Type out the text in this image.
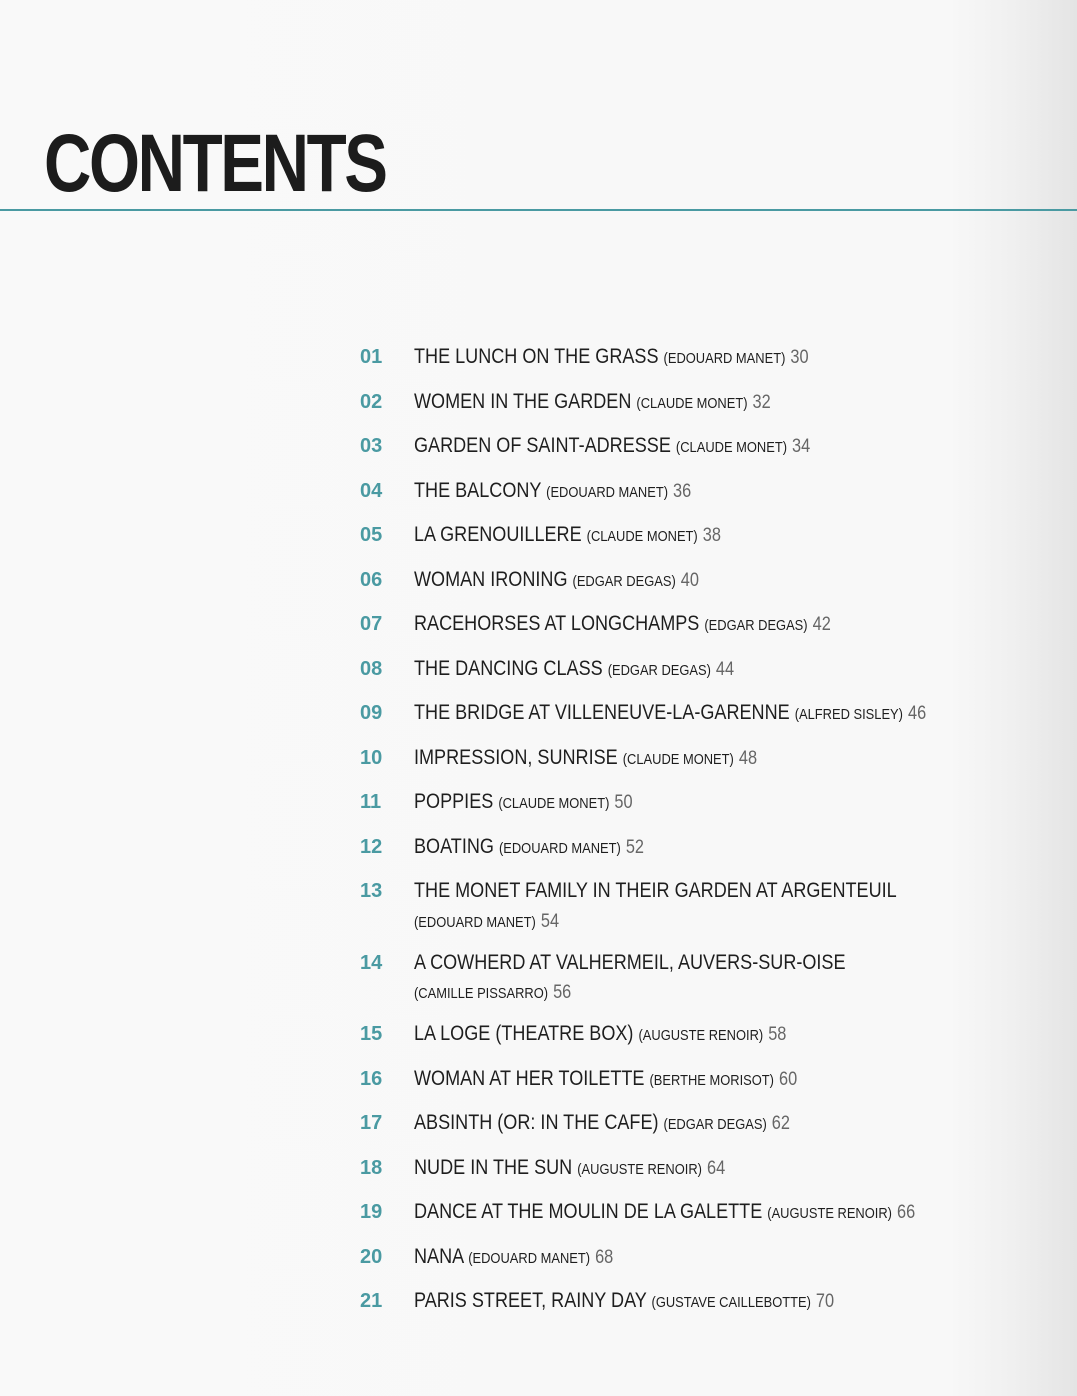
CONTENTS
01	THE LUNCH ON THE GRASS (EDOUARD MANET) 30
02	WOMEN IN THE GARDEN (CLAUDE MONET) 32
03	GARDEN OF SAINT-ADRESSE (CLAUDE MONET) 34
04	THE BALCONY (EDOUARD MANET) 36
05	LA GRENOUILLERE (CLAUDE MONET) 38
06	WOMAN IRONING (EDGAR DEGAS) 40
07	RACEHORSES AT LONGCHAMPS (EDGAR DEGAS) 42
08	THE DANCING CLASS (EDGAR DEGAS) 44
09	THE BRIDGE AT VILLENEUVE-LA-GARENNE (ALFRED SISLEY) 46
10	IMPRESSION, SUNRISE (CLAUDE MONET) 48
11	POPPIES (CLAUDE MONET) 50
12	BOATING (EDOUARD MANET) 52
13	THE MONET FAMILY IN THEIR GARDEN AT ARGENTEUIL
(EDOUARD MANET) 54
14	A COWHERD AT VALHERMEIL, AUVERS-SUR-OISE
(CAMILLE PISSARRO) 56
15	LA LOGE (THEATRE BOX) (AUGUSTE RENOIR) 58
16	WOMAN AT HER TOILETTE (BERTHE MORISOT) 60
17	ABSINTH (OR: IN THE CAFE) (EDGAR DEGAS) 62
18	NUDE IN THE SUN (AUGUSTE RENOIR) 64
19	DANCE AT THE MOULIN DE LA GALETTE (AUGUSTE RENOIR) 66
20	NANA (EDOUARD MANET) 68
21	PARIS STREET, RAINY DAY (GUSTAVE CAILLEBOTTE) 70
